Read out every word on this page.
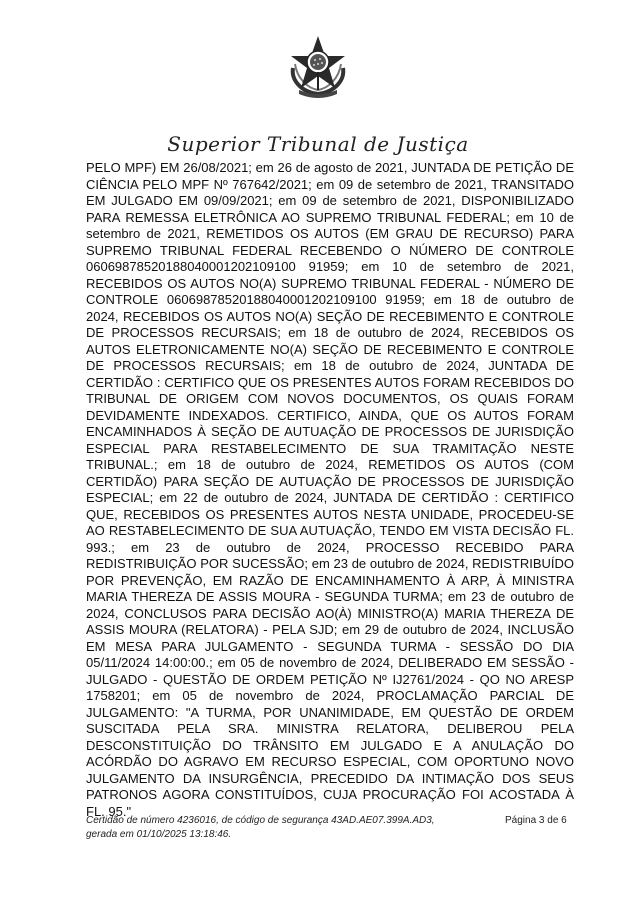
Superior Tribunal de Justiça
PELO MPF) EM 26/08/2021; em 26 de agosto de 2021, JUNTADA DE PETIÇÃO DE CIÊNCIA PELO MPF Nº 767642/2021; em 09 de setembro de 2021, TRANSITADO EM JULGADO EM 09/09/2021; em 09 de setembro de 2021, DISPONIBILIZADO PARA REMESSA ELETRÔNICA AO SUPREMO TRIBUNAL FEDERAL; em 10 de setembro de 2021, REMETIDOS OS AUTOS (EM GRAU DE RECURSO) PARA SUPREMO TRIBUNAL FEDERAL RECEBENDO O NÚMERO DE CONTROLE 06069878520188040001202109100 91959; em 10 de setembro de 2021, RECEBIDOS OS AUTOS NO(A) SUPREMO TRIBUNAL FEDERAL - NÚMERO DE CONTROLE 06069878520188040001202109100 91959; em 18 de outubro de 2024, RECEBIDOS OS AUTOS NO(A) SEÇÃO DE RECEBIMENTO E CONTROLE DE PROCESSOS RECURSAIS; em 18 de outubro de 2024, RECEBIDOS OS AUTOS ELETRONICAMENTE NO(A) SEÇÃO DE RECEBIMENTO E CONTROLE DE PROCESSOS RECURSAIS; em 18 de outubro de 2024, JUNTADA DE CERTIDÃO : CERTIFICO QUE OS PRESENTES AUTOS FORAM RECEBIDOS DO TRIBUNAL DE ORIGEM COM NOVOS DOCUMENTOS, OS QUAIS FORAM DEVIDAMENTE INDEXADOS. CERTIFICO, AINDA, QUE OS AUTOS FORAM ENCAMINHADOS À SEÇÃO DE AUTUAÇÃO DE PROCESSOS DE JURISDIÇÃO ESPECIAL PARA RESTABELECIMENTO DE SUA TRAMITAÇÃO NESTE TRIBUNAL.; em 18 de outubro de 2024, REMETIDOS OS AUTOS (COM CERTIDÃO) PARA SEÇÃO DE AUTUAÇÃO DE PROCESSOS DE JURISDIÇÃO ESPECIAL; em 22 de outubro de 2024, JUNTADA DE CERTIDÃO : CERTIFICO QUE, RECEBIDOS OS PRESENTES AUTOS NESTA UNIDADE, PROCEDEU-SE AO RESTABELECIMENTO DE SUA AUTUAÇÃO, TENDO EM VISTA DECISÃO FL. 993.; em 23 de outubro de 2024, PROCESSO RECEBIDO PARA REDISTRIBUIÇÃO POR SUCESSÃO; em 23 de outubro de 2024, REDISTRIBUÍDO POR PREVENÇÃO, EM RAZÃO DE ENCAMINHAMENTO À ARP, À MINISTRA MARIA THEREZA DE ASSIS MOURA - SEGUNDA TURMA; em 23 de outubro de 2024, CONCLUSOS PARA DECISÃO AO(À) MINISTRO(A) MARIA THEREZA DE ASSIS MOURA (RELATORA) - PELA SJD; em 29 de outubro de 2024, INCLUSÃO EM MESA PARA JULGAMENTO - SEGUNDA TURMA - SESSÃO DO DIA 05/11/2024 14:00:00.; em 05 de novembro de 2024, DELIBERADO EM SESSÃO - JULGADO - QUESTÃO DE ORDEM PETIÇÃO Nº IJ2761/2024 - QO NO ARESP 1758201; em 05 de novembro de 2024, PROCLAMAÇÃO PARCIAL DE JULGAMENTO: "A TURMA, POR UNANIMIDADE, EM QUESTÃO DE ORDEM SUSCITADA PELA SRA. MINISTRA RELATORA, DELIBEROU PELA DESCONSTITUIÇÃO DO TRÂNSITO EM JULGADO E A ANULAÇÃO DO ACÓRDÃO DO AGRAVO EM RECURSO ESPECIAL, COM OPORTUNO NOVO JULGAMENTO DA INSURGÊNCIA, PRECEDIDO DA INTIMAÇÃO DOS SEUS PATRONOS AGORA CONSTITUÍDOS, CUJA PROCURAÇÃO FOI ACOSTADA À FL. 95."
Certidão de número 4236016, de código de segurança 43AD.AE07.399A.AD3,
gerada em 01/10/2025 13:18:46.
Página 3 de 6
